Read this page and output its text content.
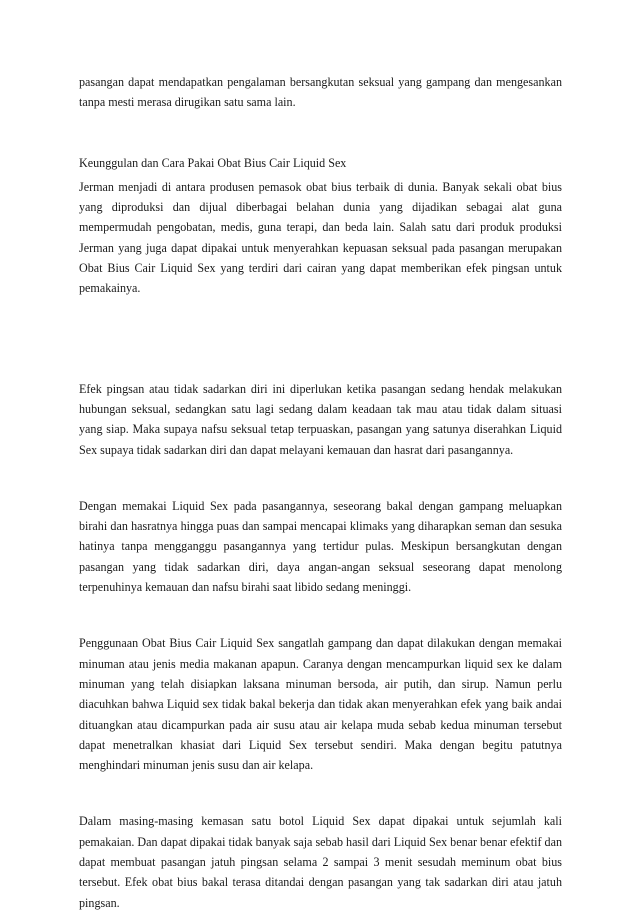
pasangan dapat mendapatkan pengalaman bersangkutan seksual yang gampang dan mengesankan tanpa mesti merasa dirugikan satu sama lain.

Keunggulan dan Cara Pakai Obat Bius Cair Liquid Sex

Jerman menjadi di antara produsen pemasok obat bius terbaik di dunia. Banyak sekali obat bius yang diproduksi dan dijual diberbagai belahan dunia yang dijadikan sebagai alat guna mempermudah pengobatan, medis, guna terapi, dan beda lain. Salah satu dari produk produksi Jerman yang juga dapat dipakai untuk menyerahkan kepuasan seksual pada pasangan merupakan Obat Bius Cair Liquid Sex yang terdiri dari cairan yang dapat memberikan efek pingsan untuk pemakainya.

Efek pingsan atau tidak sadarkan diri ini diperlukan ketika pasangan sedang hendak melakukan hubungan seksual, sedangkan satu lagi sedang dalam keadaan tak mau atau tidak dalam situasi yang siap. Maka supaya nafsu seksual tetap terpuaskan, pasangan yang satunya diserahkan Liquid Sex supaya tidak sadarkan diri dan dapat melayani kemauan dan hasrat dari pasangannya.

Dengan memakai Liquid Sex pada pasangannya, seseorang bakal dengan gampang meluapkan birahi dan hasratnya hingga puas dan sampai mencapai klimaks yang diharapkan seman dan sesuka hatinya tanpa mengganggu pasangannya yang tertidur pulas. Meskipun bersangkutan dengan pasangan yang tidak sadarkan diri, daya angan-angan seksual seseorang dapat menolong terpenuhinya kemauan dan nafsu birahi saat libido sedang meninggi.

Penggunaan Obat Bius Cair Liquid Sex sangatlah gampang dan dapat dilakukan dengan memakai minuman atau jenis media makanan apapun. Caranya dengan mencampurkan liquid sex ke dalam minuman yang telah disiapkan laksana minuman bersoda, air putih, dan sirup. Namun perlu diacuhkan bahwa Liquid sex tidak bakal bekerja dan tidak akan menyerahkan efek yang baik andai dituangkan atau dicampurkan pada air susu atau air kelapa muda sebab kedua minuman tersebut dapat menetralkan khasiat dari Liquid Sex tersebut sendiri. Maka dengan begitu patutnya menghindari minuman jenis susu dan air kelapa.

Dalam masing-masing kemasan satu botol Liquid Sex dapat dipakai untuk sejumlah kali pemakaian. Dan dapat dipakai tidak banyak saja sebab hasil dari Liquid Sex benar benar efektif dan dapat membuat pasangan jatuh pingsan selama 2 sampai 3 menit sesudah meminum obat bius tersebut. Efek obat bius bakal terasa ditandai dengan pasangan yang tak sadarkan diri atau jatuh pingsan.
